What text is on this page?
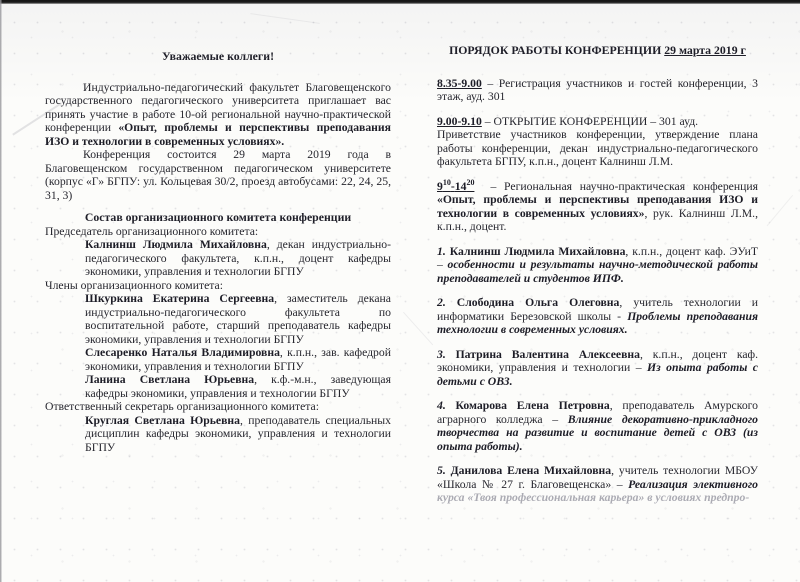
Уважаемые коллеги!

Индустриально-педагогический факультет Благовещенского государственного педагогического университета приглашает вас принять участие в работе 10-ой региональной научно-практической конференции «Опыт, проблемы и перспективы преподавания ИЗО и технологии в современных условиях».

Конференция состоится 29 марта 2019 года в Благовещенском государственном педагогическом университете (корпус «Г» БГПУ: ул. Кольцевая 30/2, проезд автобусами: 22, 24, 25, 31, 3)

Состав организационного комитета конференции

Председатель организационного комитета:

Калнинш Людмила Михайловна, декан индустриально-педагогического факультета, к.п.н., доцент кафедры экономики, управления и технологии БГПУ

Члены организационного комитета:

Шкуркина Екатерина Сергеевна, заместитель декана индустриально-педагогического факультета по воспитательной работе, старший преподаватель кафедры экономики, управления и технологии БГПУ

Слесаренко Наталья Владимировна, к.п.н., зав. кафедрой экономики, управления и технологии БГПУ

Ланина Светлана Юрьевна, к.ф.-м.н., заведующая кафедры экономики, управления и технологии БГПУ

Ответственный секретарь организационного комитета:

Круглая Светлана Юрьевна, преподаватель специальных дисциплин кафедры экономики, управления и технологии БГПУ

ПОРЯДОК РАБОТЫ КОНФЕРЕНЦИИ 29 марта 2019 г

8.35-9.00 – Регистрация участников и гостей конференции, 3 этаж, ауд. 301

9.00-9.10 – ОТКРЫТИЕ КОНФЕРЕНЦИИ – 301 ауд.

Приветствие участников конференции, утверждение плана работы конференции, декан индустриально-педагогического факультета БГПУ, к.п.н., доцент Калнинш Л.М.

$9^{10}-14^{20}$ – Региональная научно-практическая конференция «Опыт, проблемы и перспективы преподавания ИЗО и технологии в современных условиях», рук. Калнинш Л.М., к.п.н., доцент.

1. Калнинш Людмила Михайловна, к.п.н., доцент каф. ЭУиТ – особенности и результаты научно-методической работы преподавателей и студентов ИПФ.

2. Слободина Ольга Олеговна, учитель технологии и информатики Березовской школы - Проблемы преподавания технологии в современных условиях.

3. Патрина Валентина Алексеевна, к.п.н., доцент каф. экономики, управления и технологии – Из опыта работы с детьми с ОВЗ.

4. Комарова Елена Петровна, преподаватель Амурского аграрного колледжа – Влияние декоративно-прикладного творчества на развитие и воспитание детей с ОВЗ (из опыта работы).

5. Данилова Елена Михайловна, учитель технологии МБОУ «Школа № 27 г. Благовещенска» – Реализация элективного курса «Твоя профессиональная карьера» в условиях предпро-
